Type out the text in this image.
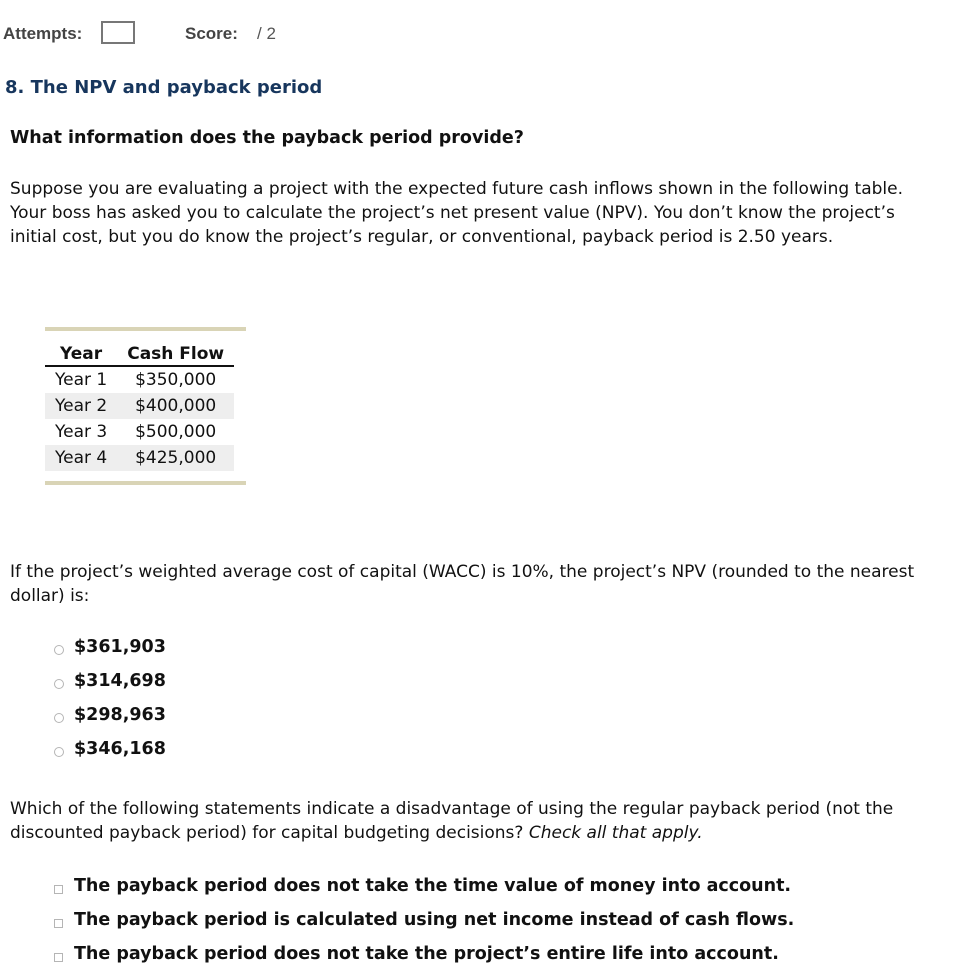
Attempts:	Score: / 2
8. The NPV and payback period
What information does the payback period provide?
Suppose you are evaluating a project with the expected future cash inflows shown in the following table. Your boss has asked you to calculate the project’s net present value (NPV). You don’t know the project’s initial cost, but you do know the project’s regular, or conventional, payback period is 2.50 years.
Year	Cash Flow
Year 1	$350,000
Year 2	$400,000
Year 3	$500,000
Year 4	$425,000
If the project’s weighted average cost of capital (WACC) is 10%, the project’s NPV (rounded to the nearest dollar) is:
$361,903
$314,698
$298,963
$346,168
Which of the following statements indicate a disadvantage of using the regular payback period (not the discounted payback period) for capital budgeting decisions? Check all that apply.
The payback period does not take the time value of money into account.
The payback period is calculated using net income instead of cash flows.
The payback period does not take the project’s entire life into account.
